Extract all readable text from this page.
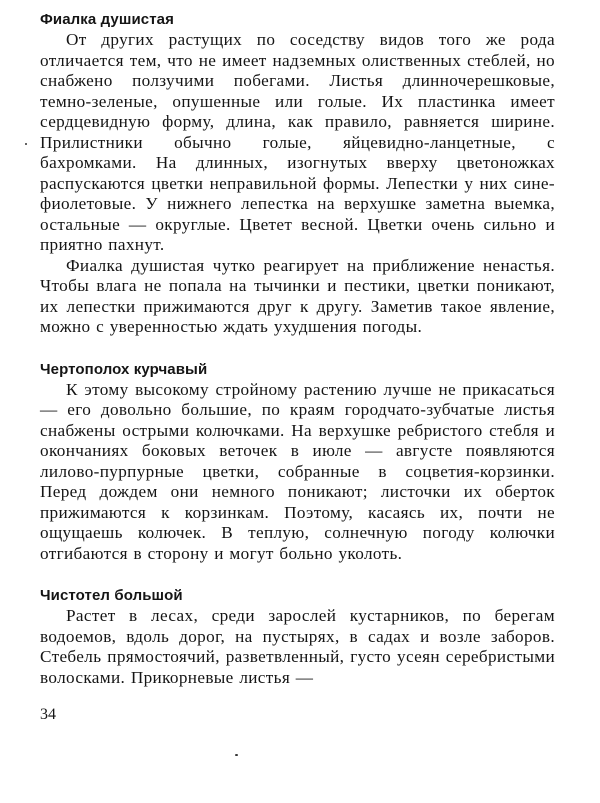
Фиалка душистая

От других растущих по соседству видов того же рода отличается тем, что не имеет надземных олиственных стеблей, но снабжено ползучими побегами. Листья длинночерешковые, темно-зеленые, опушенные или голые. Их пластинка имеет сердцевидную форму, длина, как правило, равняется ширине. Прилистники обычно голые, яйцевидно-ланцетные, с бахромками. На длинных, изогнутых вверху цветоножках распускаются цветки неправильной формы. Лепестки у них сине-фиолетовые. У нижнего лепестка на верхушке заметна выемка, остальные — округлые. Цветет весной. Цветки очень сильно и приятно пахнут.

Фиалка душистая чутко реагирует на приближение ненастья. Чтобы влага не попала на тычинки и пестики, цветки поникают, их лепестки прижимаются друг к другу. Заметив такое явление, можно с уверенностью ждать ухудшения погоды.

Чертополох курчавый

К этому высокому стройному растению лучше не прикасаться — его довольно большие, по краям городчато-зубчатые листья снабжены острыми колючками. На верхушке ребристого стебля и окончаниях боковых веточек в июле — августе появляются лилово-пурпурные цветки, собранные в соцветия-корзинки. Перед дождем они немного поникают; листочки их оберток прижимаются к корзинкам. Поэтому, касаясь их, почти не ощущаешь колючек. В теплую, солнечную погоду колючки отгибаются в сторону и могут больно уколоть.

Чистотел большой

Растет в лесах, среди зарослей кустарников, по берегам водоемов, вдоль дорог, на пустырях, в садах и возле заборов. Стебель прямостоячий, разветвленный, густо усеян серебристыми волосками. Прикорневые листья —

34
